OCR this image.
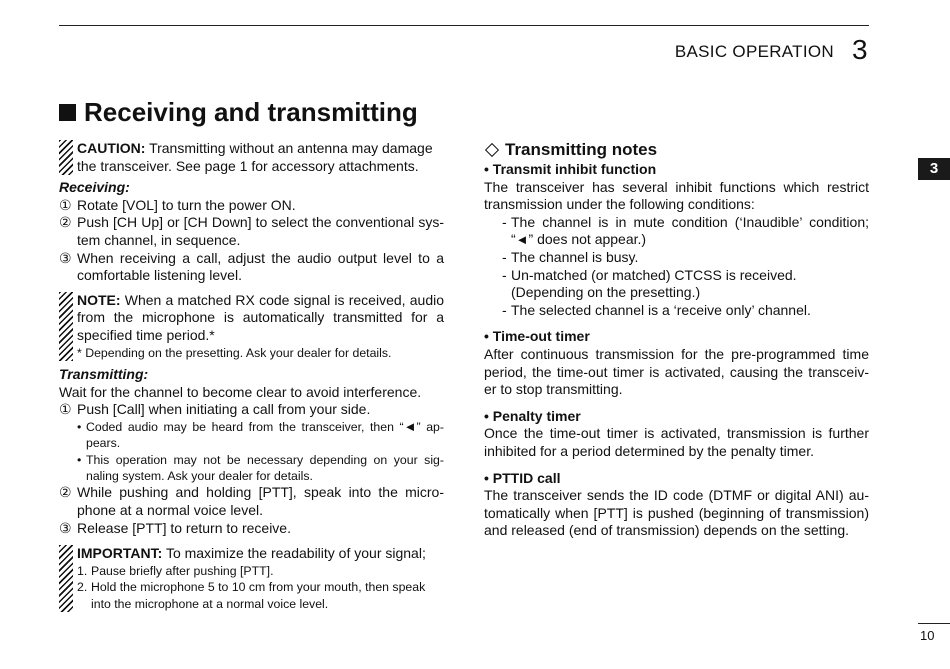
BASIC OPERATION 3
Receiving and transmitting

CAUTION: Transmitting without an antenna may damage the transceiver. See page 1 for accessory attachments.

Receiving:

① Rotate [VOL] to turn the power ON.
② Push [CH Up] or [CH Down] to select the conventional sys- tem channel, in sequence.
③ When receiving a call, adjust the audio output level to a comfortable listening level.

NOTE: When a matched RX code signal is received, audio from the microphone is automatically transmitted for a specified time period.*

* Depending on the presetting. Ask your dealer for details.

Transmitting:

Wait for the channel to become clear to avoid interference.

① Push [Call] when initiating a call from your side.
• Coded audio may be heard from the transceiver, then “◄” ap- pears.
• This operation may not be necessary depending on your sig- naling system. Ask your dealer for details.
② While pushing and holding [PTT], speak into the micro- phone at a normal voice level.
③ Release [PTT] to return to receive.

IMPORTANT: To maximize the readability of your signal;

1. Pause briefly after pushing [PTT].
2. Hold the microphone 5 to 10 cm from your mouth, then speak into the microphone at a normal voice level.
Transmitting notes

• Transmit inhibit function

The transceiver has several inhibit functions which restrict transmission under the following conditions:

- The channel is in mute condition (‘Inaudible’ condition; “◄” does not appear.)
- The channel is busy.
- Un-matched (or matched) CTCSS is received. (Depending on the presetting.)
- The selected channel is a ‘receive only’ channel.

• Time-out timer

After continuous transmission for the pre-programmed time period, the time-out timer is activated, causing the transceiv- er to stop transmitting.

• Penalty timer

Once the time-out timer is activated, transmission is further inhibited for a period determined by the penalty timer.

• PTTID call

The transceiver sends the ID code (DTMF or digital ANI) au- tomatically when [PTT] is pushed (beginning of transmission) and released (end of transmission) depends on the setting.

3
10
